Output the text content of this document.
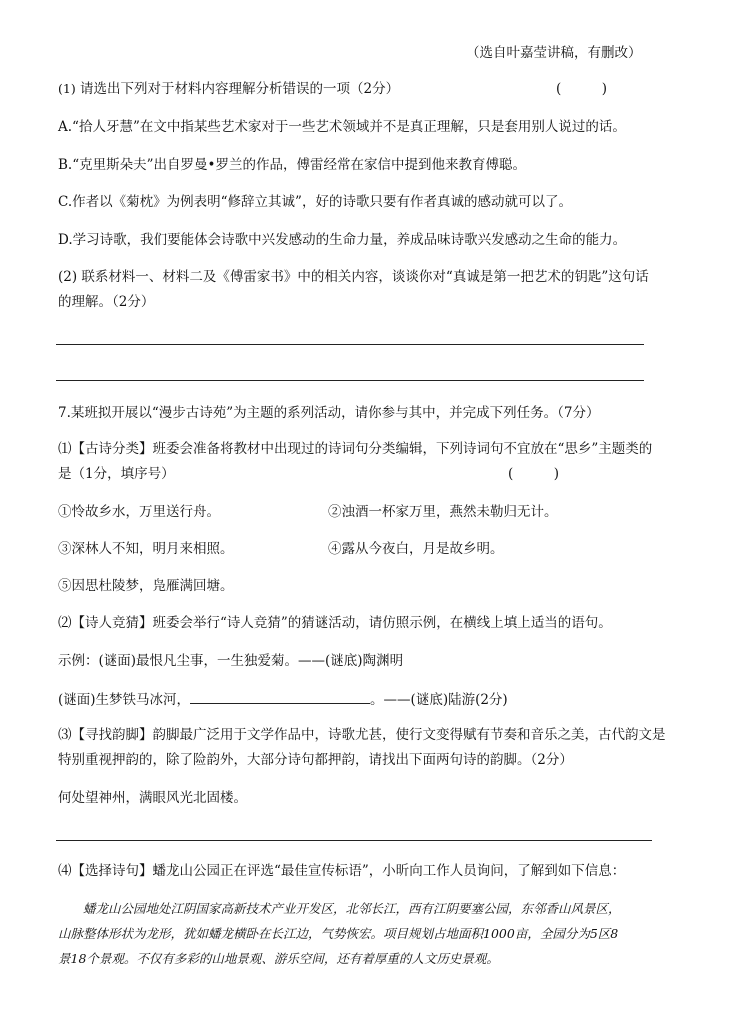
（选自叶嘉莹讲稿，有删改）
(1) 请选出下列对于材料内容理解分析错误的一项（2分）	(　　　)
A.“拾人牙慧”在文中指某些艺术家对于一些艺术领域并不是真正理解，只是套用别人说过的话。
B.“克里斯朵夫”出自罗曼•罗兰的作品，傅雷经常在家信中提到他来教育傅聪。
C.作者以《菊枕》为例表明“修辞立其诚”，好的诗歌只要有作者真诚的感动就可以了。
D.学习诗歌，我们要能体会诗歌中兴发感动的生命力量，养成品味诗歌兴发感动之生命的能力。
(2) 联系材料一、材料二及《傅雷家书》中的相关内容，谈谈你对“真诚是第一把艺术的钥匙”这句话
的理解。（2分）
7.某班拟开展以“漫步古诗苑”为主题的系列活动，请你参与其中，并完成下列任务。（7分）
⑴【古诗分类】班委会准备将教材中出现过的诗词句分类编辑，下列诗词句不宜放在“思乡”主题类的
是（1分，填序号）	(　　　)
①怜故乡水，万里送行舟。	②浊酒一杯家万里，燕然未勒归无计。
③深林人不知，明月来相照。	④露从今夜白，月是故乡明。
⑤因思杜陵梦，凫雁满回塘。
⑵【诗人竞猜】班委会举行“诗人竞猜”的猜谜活动，请仿照示例，在横线上填上适当的语句。
示例：(谜面)最恨凡尘事，一生独爱菊。——(谜底)陶渊明
(谜面)生梦铁马冰河，	。——(谜底)陆游(2分)
⑶【寻找韵脚】韵脚最广泛用于文学作品中，诗歌尤甚，使行文变得赋有节奏和音乐之美，古代韵文是
特别重视押韵的，除了险韵外，大部分诗句都押韵，请找出下面两句诗的韵脚。（2分）
何处望神州，满眼风光北固楼。
⑷【选择诗句】蟠龙山公园正在评选“最佳宣传标语”，小昕向工作人员询问，了解到如下信息：
　　蟠龙山公园地处江阴国家高新技术产业开发区，北邻长江，西有江阴要塞公园，东邻香山风景区，
山脉整体形状为龙形，犹如蟠龙横卧在长江边，气势恢宏。项目规划占地面积1000亩，全园分为5区8
景18个景观。不仅有多彩的山地景观、游乐空间，还有着厚重的人文历史景观。
